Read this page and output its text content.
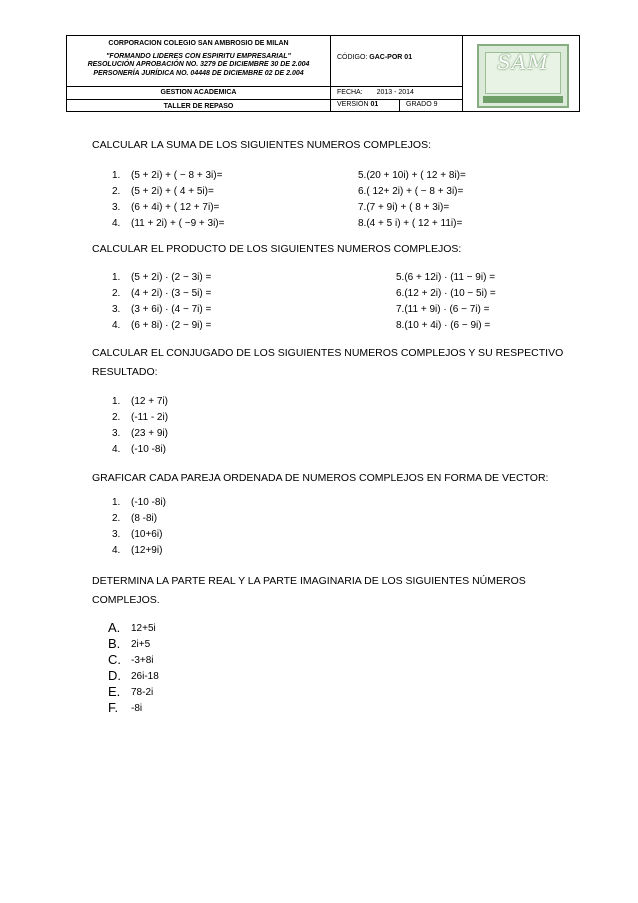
CORPORACION COLEGIO SAN AMBROSIO DE MILAN
"FORMANDO LIDERES CON ESPIRITU EMPRESARIAL"
RESOLUCIÓN APROBACIÓN NO. 3279 DE DICIEMBRE 30 DE 2.004
PERSONERÍA JURÍDICA NO. 04448 DE DICIEMBRE 02 DE 2.004
CÓDIGO: GAC-POR 01
GESTION ACADEMICA	FECHA: 2013 - 2014
TALLER DE REPASO	VERSIÓN 01	GRADO 9
SAM
CALCULAR LA SUMA DE LOS SIGUIENTES NUMEROS COMPLEJOS:
1.
2.
3.
4.
(5 + 2i) + ( − 8 + 3i)=
(5 + 2i) + ( 4 + 5i)=
(6 + 4i) + ( 12 + 7i)=
(11 + 2i) + ( −9 + 3i)=
5.(20 + 10i) + ( 12 + 8i)=
6.( 12+ 2i) + ( − 8 + 3i)=
7.(7 + 9i) + ( 8 + 3i)=
8.(4 + 5 i) + ( 12 + 11i)=
CALCULAR EL PRODUCTO DE LOS SIGUIENTES NUMEROS COMPLEJOS:
1.
2.
3.
4.
(5 + 2i) · (2 − 3i) =
(4 + 2i) · (3 − 5i) =
(3 + 6i) · (4 − 7i) =
(6 + 8i) · (2 − 9i) =
5.(6 + 12i) · (11 − 9i) =
6.(12 + 2i) · (10 − 5i) =
7.(11 + 9i) · (6 − 7i) =
8.(10 + 4i) · (6 − 9i) =
CALCULAR EL CONJUGADO DE LOS SIGUIENTES NUMEROS COMPLEJOS Y SU RESPECTIVO
RESULTADO:
1.
2.
3.
4.
(12 + 7i)
(-11 - 2i)
(23 + 9i)
(-10 -8i)
GRAFICAR CADA PAREJA ORDENADA DE NUMEROS COMPLEJOS EN FORMA DE VECTOR:
1.
2.
3.
4.
(-10 -8i)
(8 -8i)
(10+6i)
(12+9i)
DETERMINA LA PARTE REAL Y LA PARTE IMAGINARIA DE LOS SIGUIENTES NÚMEROS
COMPLEJOS.
A.
B.
C.
D.
E.
F.
12+5i
2i+5
-3+8i
26i-18
78-2i
-8i
